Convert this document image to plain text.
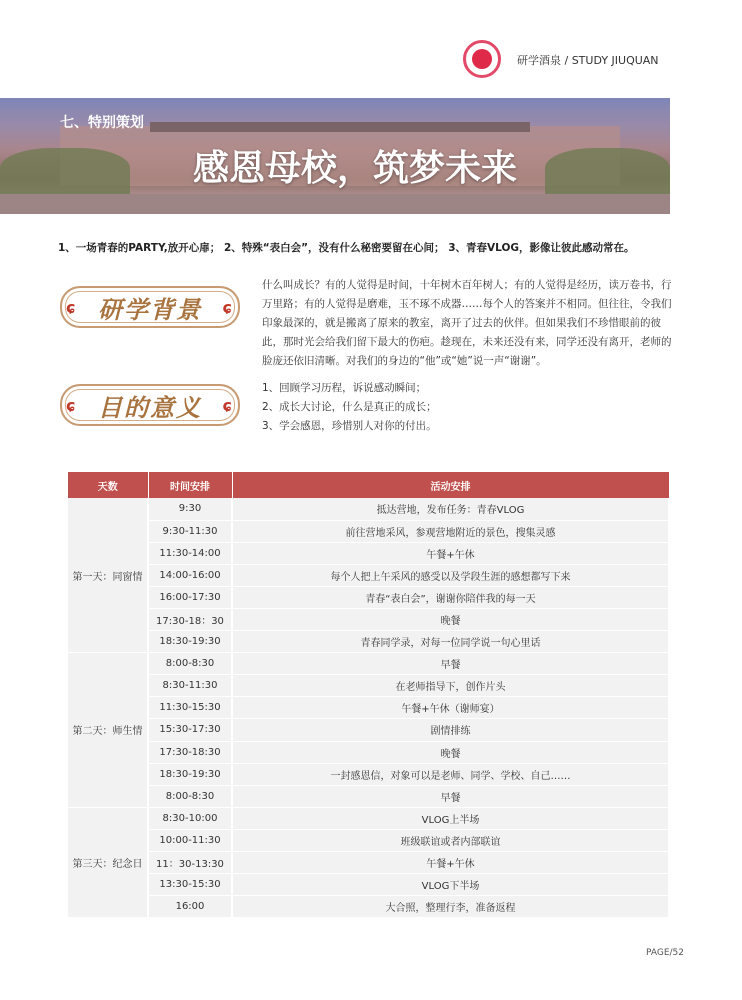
研学酒泉 / STUDY JIUQUAN
七、特别策划
感恩母校，筑梦未来
1、一场青春的PARTY,放开心扉； 2、特殊“表白会”，没有什么秘密要留在心间； 3、青春VLOG，影像让彼此感动常在。
ɕ 研学背景 ɕ
什么叫成长？有的人觉得是时间，十年树木百年树人；有的人觉得是经历，读万卷书，行万里路；有的人觉得是磨难，玉不琢不成器……每个人的答案并不相同。但往往，令我们印象最深的，就是搬离了原来的教室，离开了过去的伙伴。但如果我们不珍惜眼前的彼此，那时光会给我们留下最大的伤疤。趁现在，未来还没有来，同学还没有离开，老师的脸庞还依旧清晰。对我们的身边的“他”或“她”说一声“谢谢”。
ɕ 目的意义 ɕ
1、回顾学习历程，诉说感动瞬间；
2、成长大讨论，什么是真正的成长；
3、学会感恩，珍惜别人对你的付出。
天数	时间安排	活动安排
第一天：同窗情	9:30	抵达营地，发布任务：青春VLOG
	9:30-11:30	前往营地采风，参观营地附近的景色，搜集灵感
	11:30-14:00	午餐+午休
	14:00-16:00	每个人把上午采风的感受以及学段生涯的感想都写下来
	16:00-17:30	青春“表白会”，谢谢你陪伴我的每一天
	17:30-18：30	晚餐
	18:30-19:30	青春同学录，对每一位同学说一句心里话
第二天：师生情	8:00-8:30	早餐
	8:30-11:30	在老师指导下，创作片头
	11:30-15:30	午餐+午休（谢师宴）
	15:30-17:30	剧情排练
	17:30-18:30	晚餐
	18:30-19:30	一封感恩信，对象可以是老师、同学、学校、自己……
	8:00-8:30	早餐
第三天：纪念日	8:30-10:00	VLOG上半场
	10:00-11:30	班级联谊或者内部联谊
	11：30-13:30	午餐+午休
	13:30-15:30	VLOG下半场
	16:00	大合照，整理行李，准备返程
PAGE/52
